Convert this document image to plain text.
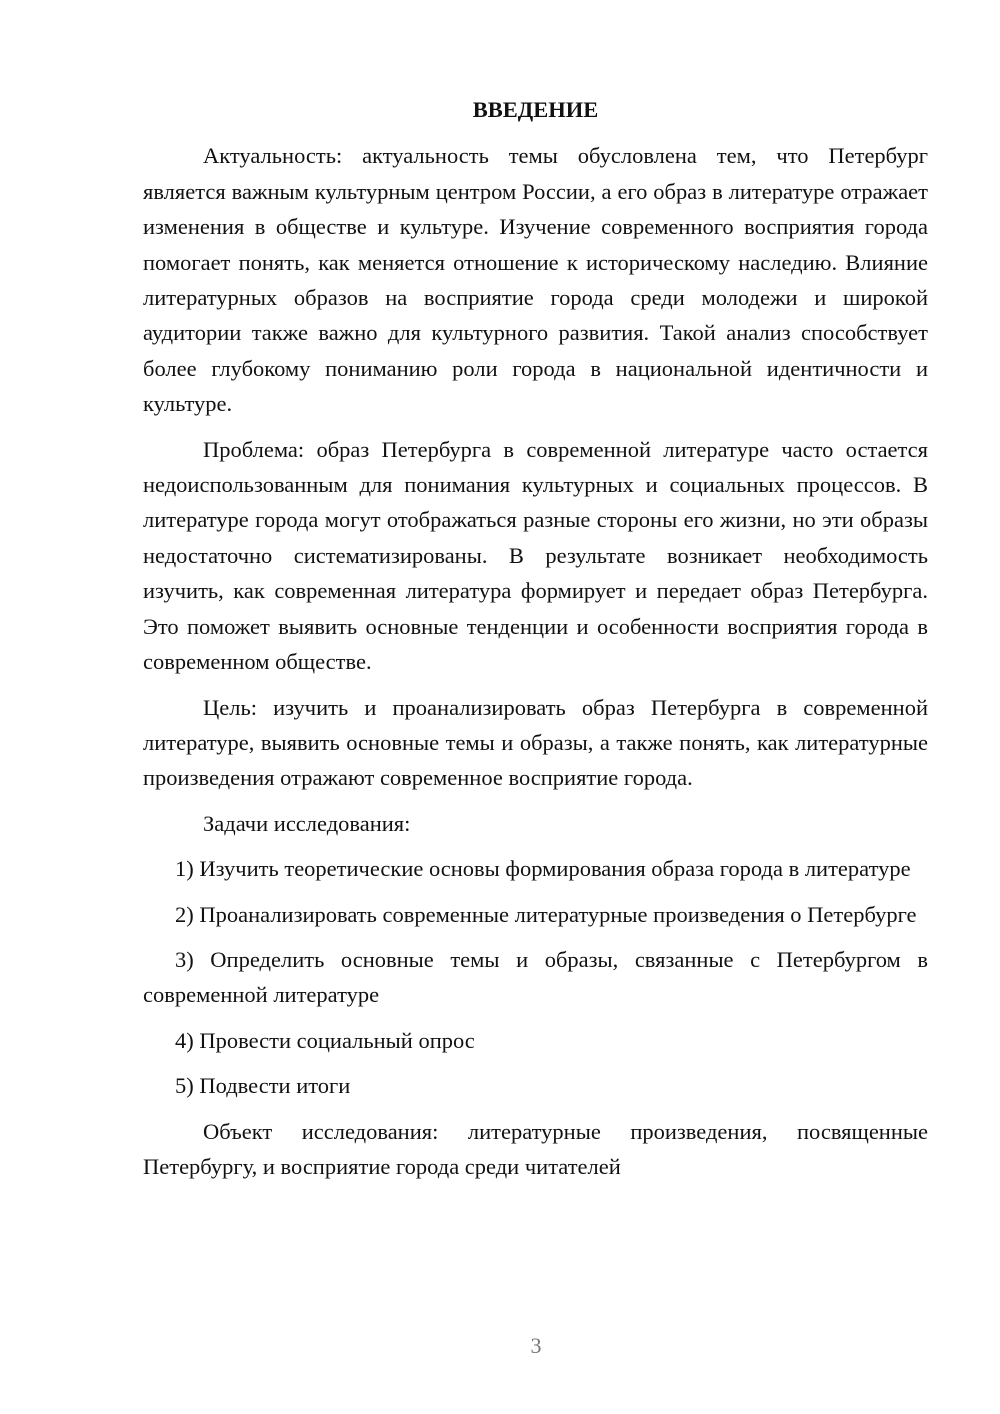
ВВЕДЕНИЕ

Актуальность: актуальность темы обусловлена тем, что Петербург является важным культурным центром России, а его образ в литературе отражает изменения в обществе и культуре. Изучение современного восприятия города помогает понять, как меняется отношение к историческому наследию. Влияние литературных образов на восприятие города среди молодежи и широкой аудитории также важно для культурного развития. Такой анализ способствует более глубокому пониманию роли города в национальной идентичности и культуре.

Проблема: образ Петербурга в современной литературе часто остается недоиспользованным для понимания культурных и социальных процессов. В литературе города могут отображаться разные стороны его жизни, но эти образы недостаточно систематизированы. В результате возникает необходимость изучить, как современная литература формирует и передает образ Петербурга. Это поможет выявить основные тенденции и особенности восприятия города в современном обществе.

Цель: изучить и проанализировать образ Петербурга в современной литературе, выявить основные темы и образы, а также понять, как литературные произведения отражают современное восприятие города.

Задачи исследования:

1) Изучить теоретические основы формирования образа города в литературе

2) Проанализировать современные литературные произведения о Петербурге

3) Определить основные темы и образы, связанные с Петербургом в современной литературе

4) Провести социальный опрос

5) Подвести итоги

Объект исследования: литературные произведения, посвященные Петербургу, и восприятие города среди читателей

3
